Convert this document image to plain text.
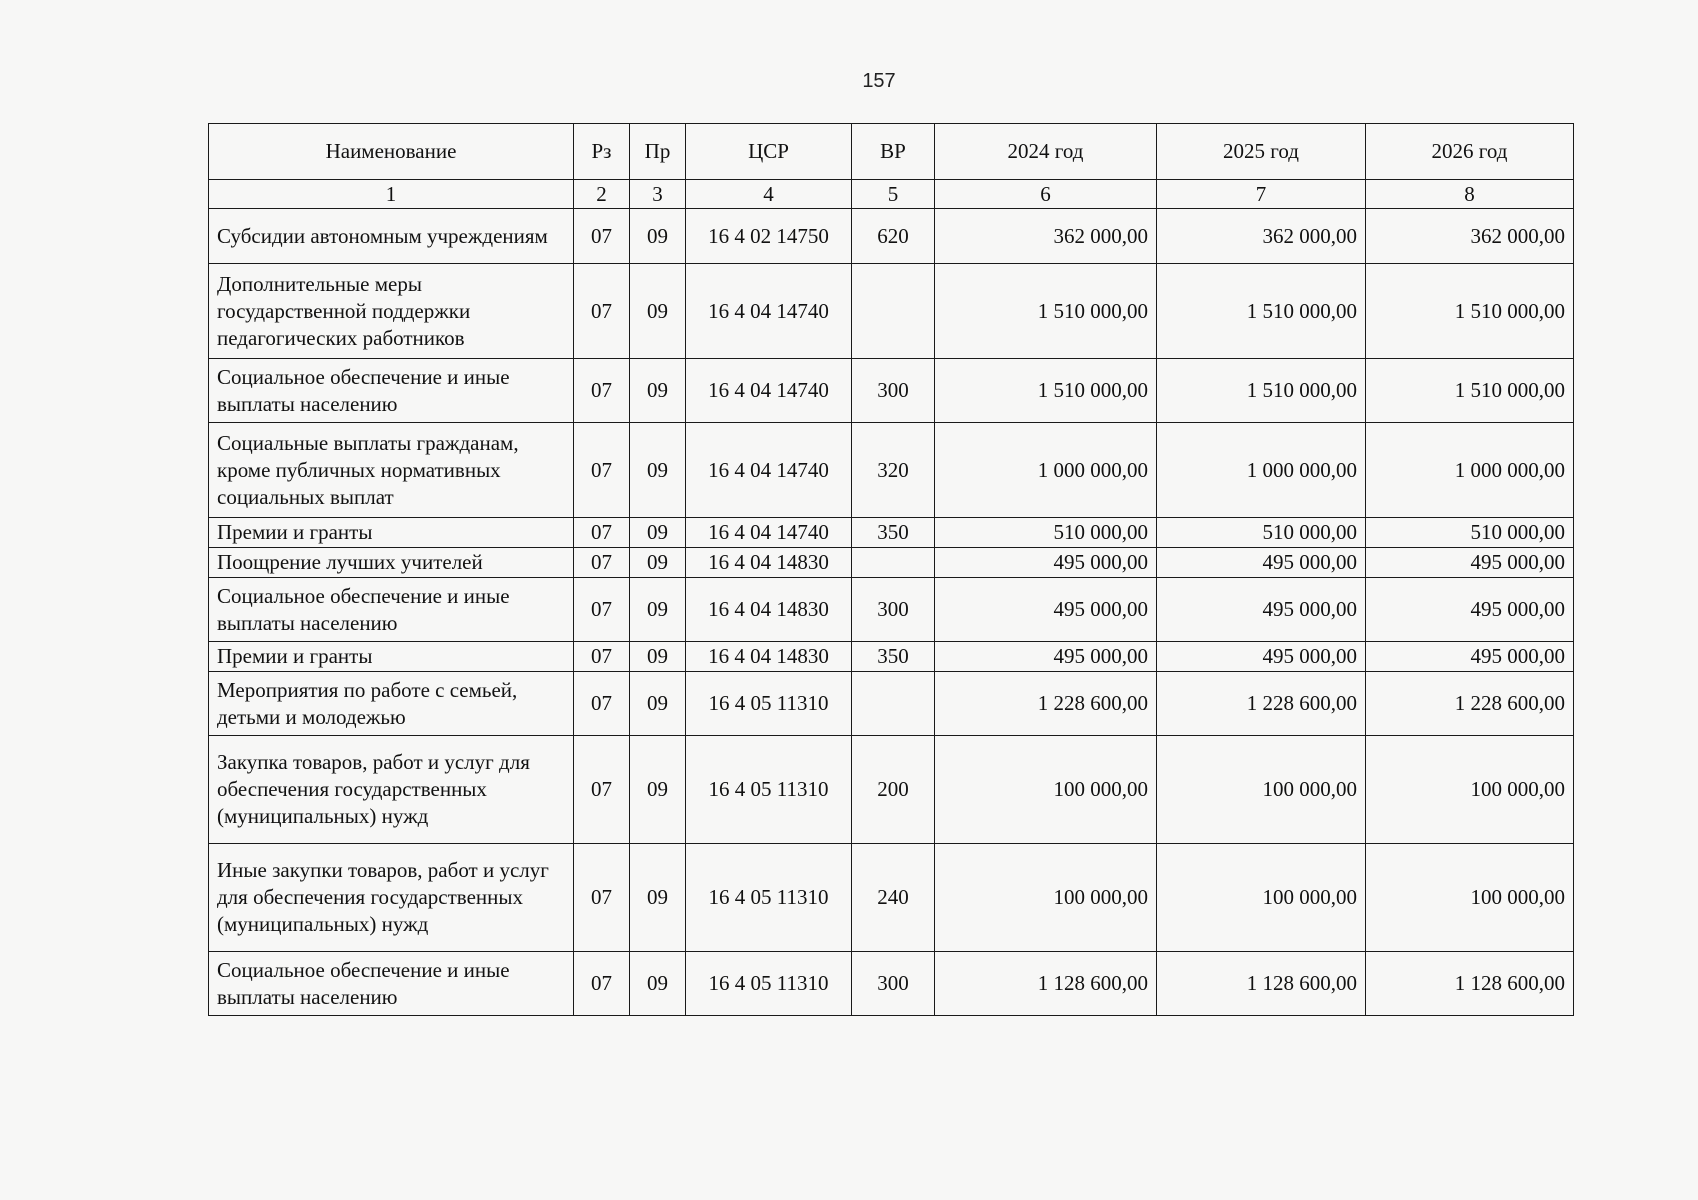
157
Наименование	Рз	Пр	ЦСР	ВР	2024 год	2025 год	2026 год
1	2	3	4	5	6	7	8
Субсидии автономным учреждениям	07	09	16 4 02 14750	620	362 000,00	362 000,00	362 000,00
Дополнительные меры государственной поддержки педагогических работников	07	09	16 4 04 14740		1 510 000,00	1 510 000,00	1 510 000,00
Социальное обеспечение и иные выплаты населению	07	09	16 4 04 14740	300	1 510 000,00	1 510 000,00	1 510 000,00
Социальные выплаты гражданам, кроме публичных нормативных социальных выплат	07	09	16 4 04 14740	320	1 000 000,00	1 000 000,00	1 000 000,00
Премии и гранты	07	09	16 4 04 14740	350	510 000,00	510 000,00	510 000,00
Поощрение лучших учителей	07	09	16 4 04 14830		495 000,00	495 000,00	495 000,00
Социальное обеспечение и иные выплаты населению	07	09	16 4 04 14830	300	495 000,00	495 000,00	495 000,00
Премии и гранты	07	09	16 4 04 14830	350	495 000,00	495 000,00	495 000,00
Мероприятия по работе с семьей, детьми и молодежью	07	09	16 4 05 11310		1 228 600,00	1 228 600,00	1 228 600,00
Закупка товаров, работ и услуг для обеспечения государственных (муниципальных) нужд	07	09	16 4 05 11310	200	100 000,00	100 000,00	100 000,00
Иные закупки товаров, работ и услуг для обеспечения государственных (муниципальных) нужд	07	09	16 4 05 11310	240	100 000,00	100 000,00	100 000,00
Социальное обеспечение и иные выплаты населению	07	09	16 4 05 11310	300	1 128 600,00	1 128 600,00	1 128 600,00
